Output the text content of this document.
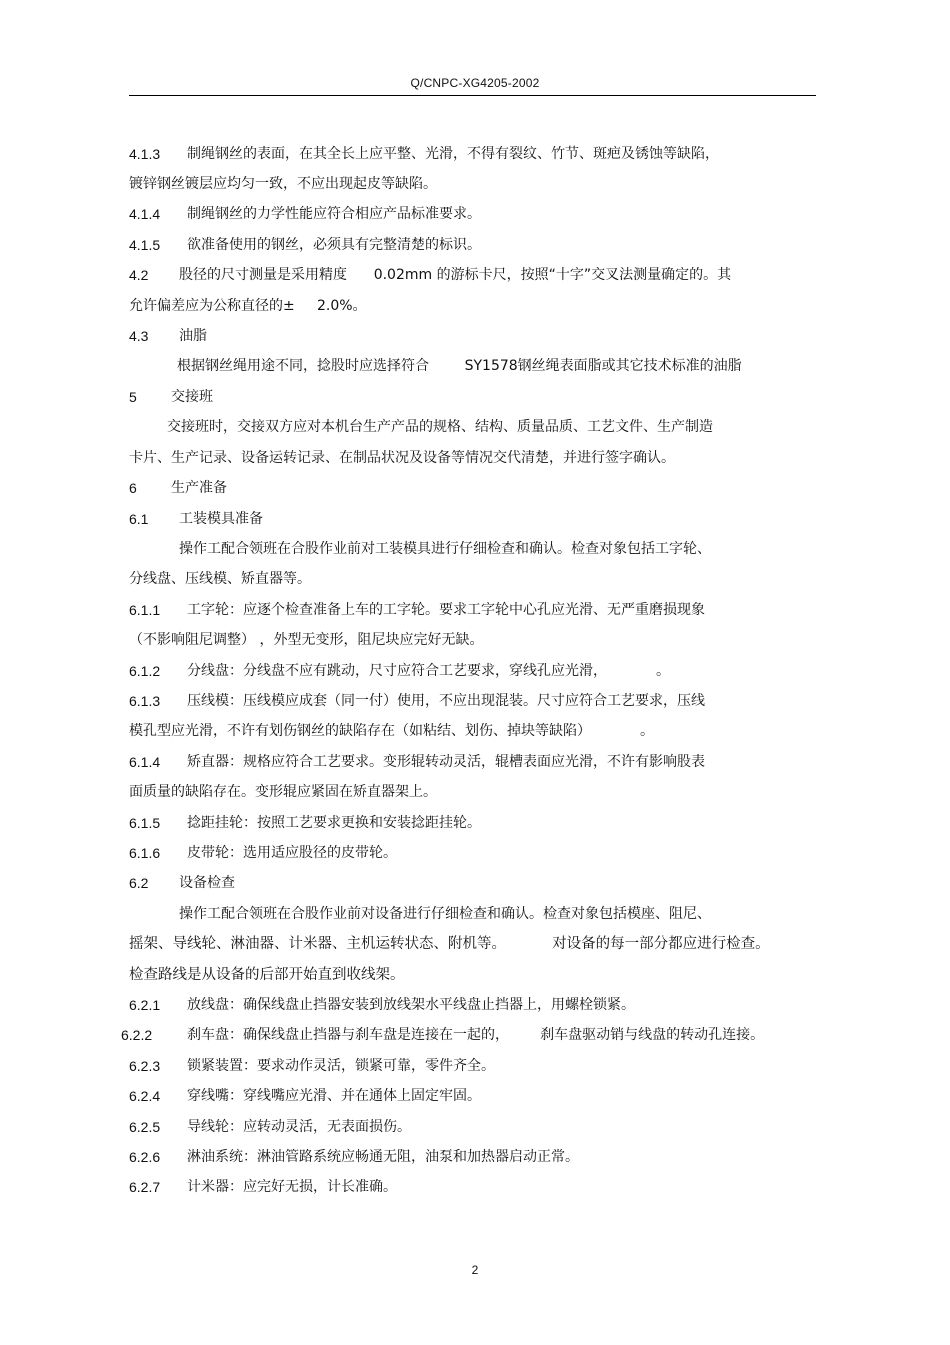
Q/CNPC-XG4205-2002
4.1.3 制绳钢丝的表面，在其全长上应平整、光滑，不得有裂纹、竹节、斑疤及锈蚀等缺陷，
镀锌钢丝镀层应均匀一致，不应出现起皮等缺陷。
4.1.4 制绳钢丝的力学性能应符合相应产品标准要求。
4.1.5 欲准备使用的钢丝，必须具有完整清楚的标识。
4.2 股径的尺寸测量是采用精度      0.02mm 的游标卡尺，按照“十字”交叉法测量确定的。其
允许偏差应为公称直径的±     2.0%。
4.3 油脂
根据钢丝绳用途不同，捻股时应选择符合        SY1578钢丝绳表面脂或其它技术标准的油脂
5 交接班
交接班时，交接双方应对本机台生产产品的规格、结构、质量品质、工艺文件、生产制造
卡片、生产记录、设备运转记录、在制品状况及设备等情况交代清楚，并进行签字确认。
6 生产准备
6.1 工装模具准备
操作工配合领班在合股作业前对工装模具进行仔细检查和确认。检查对象包括工字轮、
分线盘、压线模、矫直器等。
6.1.1 工字轮：应逐个检查准备上车的工字轮。要求工字轮中心孔应光滑、无严重磨损现象
（不影响阻尼调整） ，外型无变形，阻尼块应完好无缺。
6.1.2 分线盘：分线盘不应有跳动，尺寸应符合工艺要求，穿线孔应光滑，           。
6.1.3 压线模：压线模应成套（同一付）使用，不应出现混装。尺寸应符合工艺要求，压线
模孔型应光滑，不许有划伤钢丝的缺陷存在（如粘结、划伤、掉块等缺陷）           。
6.1.4 矫直器：规格应符合工艺要求。变形辊转动灵活，辊槽表面应光滑，不许有影响股表
面质量的缺陷存在。变形辊应紧固在矫直器架上。
6.1.5 捻距挂轮：按照工艺要求更换和安装捻距挂轮。
6.1.6 皮带轮：选用适应股径的皮带轮。
6.2 设备检查
操作工配合领班在合股作业前对设备进行仔细检查和确认。检查对象包括模座、阻尼、
摇架、导线轮、淋油器、计米器、主机运转状态、附机等。          对设备的每一部分都应进行检查。
检查路线是从设备的后部开始直到收线架。
6.2.1 放线盘：确保线盘止挡器安装到放线架水平线盘止挡器上，用螺栓锁紧。
6.2.2 刹车盘：确保线盘止挡器与刹车盘是连接在一起的，       刹车盘驱动销与线盘的转动孔连接。
6.2.3 锁紧装置：要求动作灵活，锁紧可靠，零件齐全。
6.2.4 穿线嘴：穿线嘴应光滑、并在通体上固定牢固。
6.2.5 导线轮：应转动灵活，无表面损伤。
6.2.6 淋油系统：淋油管路系统应畅通无阻，油泵和加热器启动正常。
6.2.7 计米器：应完好无损，计长准确。
2
